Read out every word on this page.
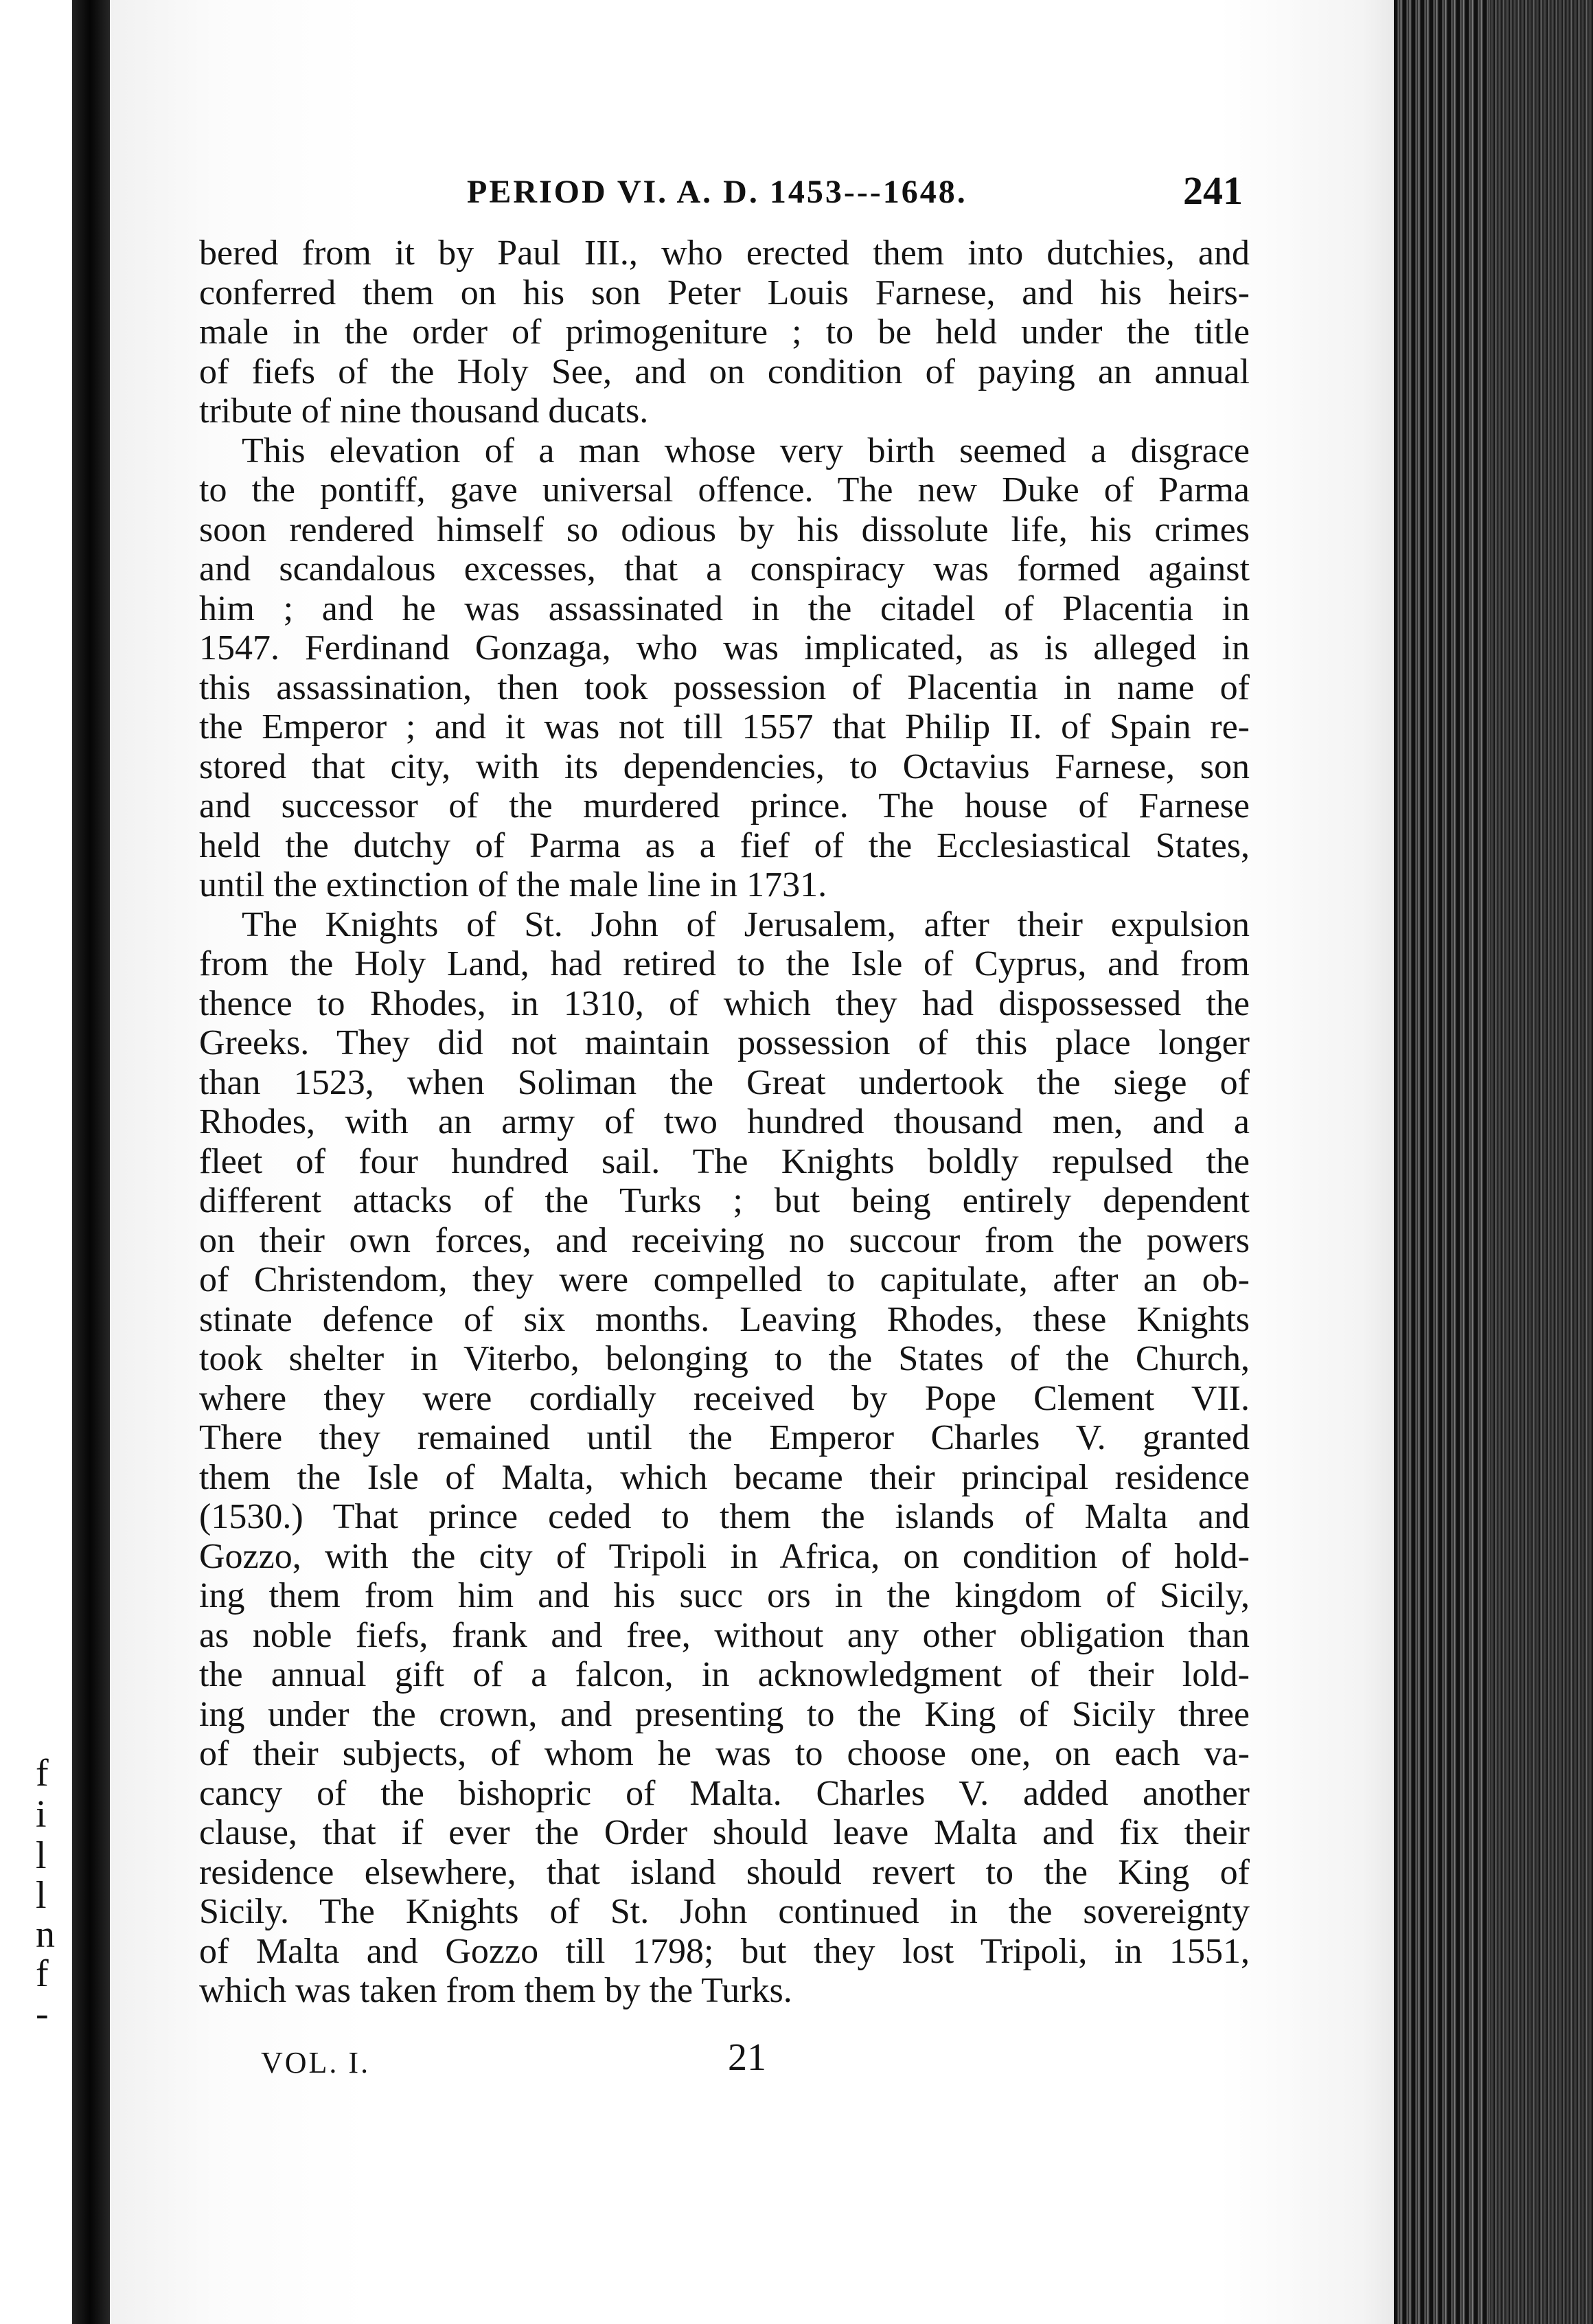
f
i
l
l
n
f
-
PERIOD VI. A. D. 1453---1648.	241

bered from it by Paul III., who erected them into dutchies, and

conferred them on his son Peter Louis Farnese, and his heirs-

male in the order of primogeniture ; to be held under the title

of fiefs of the Holy See, and on condition of paying an annual

tribute of nine thousand ducats.

This elevation of a man whose very birth seemed a disgrace

to the pontiff, gave universal offence. The new Duke of Parma

soon rendered himself so odious by his dissolute life, his crimes

and scandalous excesses, that a conspiracy was formed against

him ; and he was assassinated in the citadel of Placentia in

1547. Ferdinand Gonzaga, who was implicated, as is alleged in

this assassination, then took possession of Placentia in name of

the Emperor ; and it was not till 1557 that Philip II. of Spain re-

stored that city, with its dependencies, to Octavius Farnese, son

and successor of the murdered prince. The house of Farnese

held the dutchy of Parma as a fief of the Ecclesiastical States,

until the extinction of the male line in 1731.

The Knights of St. John of Jerusalem, after their expulsion

from the Holy Land, had retired to the Isle of Cyprus, and from

thence to Rhodes, in 1310, of which they had dispossessed the

Greeks. They did not maintain possession of this place longer

than 1523, when Soliman the Great undertook the siege of

Rhodes, with an army of two hundred thousand men, and a

fleet of four hundred sail. The Knights boldly repulsed the

different attacks of the Turks ; but being entirely dependent

on their own forces, and receiving no succour from the powers

of Christendom, they were compelled to capitulate, after an ob-

stinate defence of six months. Leaving Rhodes, these Knights

took shelter in Viterbo, belonging to the States of the Church,

where they were cordially received by Pope Clement VII.

There they remained until the Emperor Charles V. granted

them the Isle of Malta, which became their principal residence

(1530.) That prince ceded to them the islands of Malta and

Gozzo, with the city of Tripoli in Africa, on condition of hold-

ing them from him and his succ ors in the kingdom of Sicily,

as noble fiefs, frank and free, without any other obligation than

the annual gift of a falcon, in acknowledgment of their lold-

ing under the crown, and presenting to the King of Sicily three

of their subjects, of whom he was to choose one, on each va-

cancy of the bishopric of Malta. Charles V. added another

clause, that if ever the Order should leave Malta and fix their

residence elsewhere, that island should revert to the King of

Sicily. The Knights of St. John continued in the sovereignty

of Malta and Gozzo till 1798; but they lost Tripoli, in 1551,

which was taken from them by the Turks.

VOL. I.	21
